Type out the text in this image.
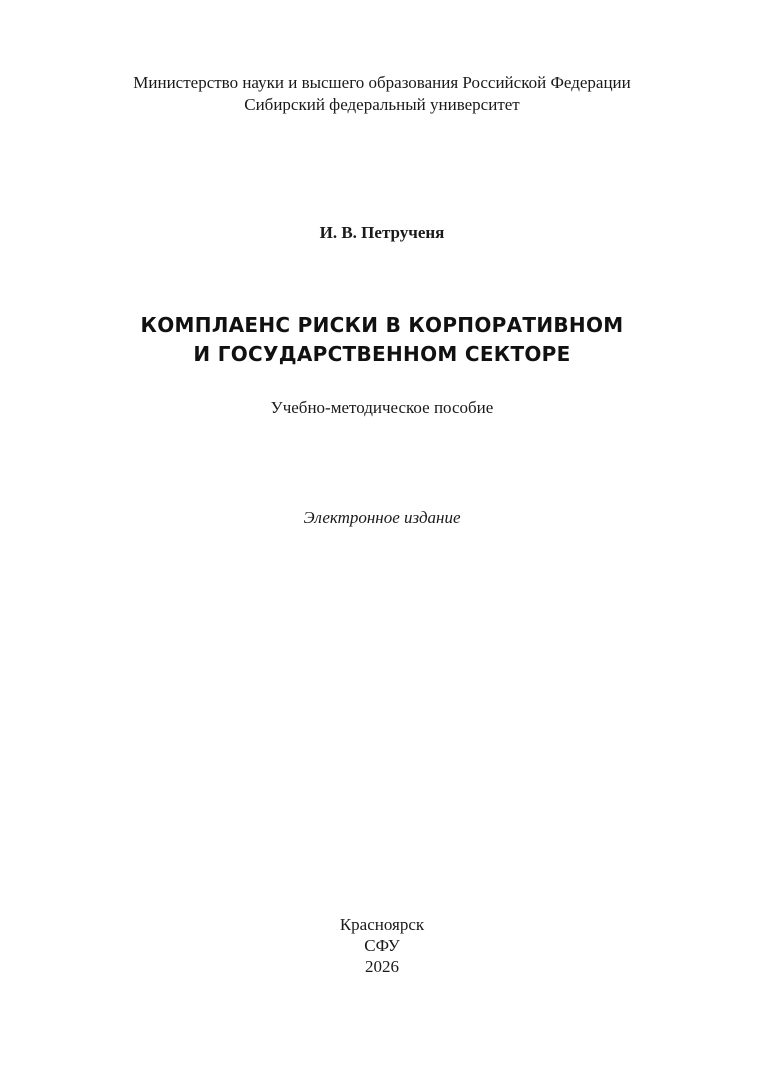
Министерство науки и высшего образования Российской Федерации
Сибирский федеральный университет
И. В. Петрученя
КОМПЛАЕНС РИСКИ В КОРПОРАТИВНОМ
И ГОСУДАРСТВЕННОМ СЕКТОРЕ
Учебно-методическое пособие
Электронное издание
Красноярск
СФУ
2026
